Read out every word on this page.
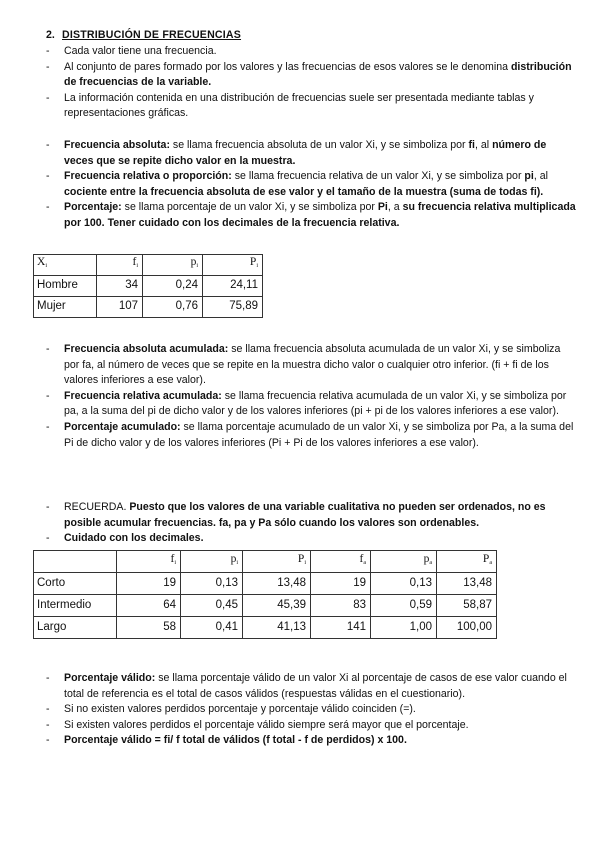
2. DISTRIBUCIÓN DE FRECUENCIAS
- Cada valor tiene una frecuencia.
- Al conjunto de pares formado por los valores y las frecuencias de esos valores se le denomina distribución de frecuencias de la variable.
- La información contenida en una distribución de frecuencias suele ser presentada mediante tablas y representaciones gráficas.
- Frecuencia absoluta: se llama frecuencia absoluta de un valor Xi, y se simboliza por fi, al número de veces que se repite dicho valor en la muestra.
- Frecuencia relativa o proporción: se llama frecuencia relativa de un valor Xi, y se simboliza por pi, al cociente entre la frecuencia absoluta de ese valor y el tamaño de la muestra (suma de todas fi).
- Porcentaje: se llama porcentaje de un valor Xi, y se simboliza por Pi, a su frecuencia relativa multiplicada por 100. Tener cuidado con los decimales de la frecuencia relativa.
$X_i$	$f_i$	$p_i$	$P_i$
Hombre	34	0,24	24,11
Mujer	107	0,76	75,89
- Frecuencia absoluta acumulada: se llama frecuencia absoluta acumulada de un valor Xi, y se simboliza por fa, al número de veces que se repite en la muestra dicho valor o cualquier otro inferior. (fi + fi de los valores inferiores a ese valor).
- Frecuencia relativa acumulada: se llama frecuencia relativa acumulada de un valor Xi, y se simboliza por pa, a la suma del pi de dicho valor y de los valores inferiores (pi + pi de los valores inferiores a ese valor).
- Porcentaje acumulado: se llama porcentaje acumulado de un valor Xi, y se simboliza por Pa, a la suma del Pi de dicho valor y de los valores inferiores (Pi + Pi de los valores inferiores a ese valor).
- RECUERDA. Puesto que los valores de una variable cualitativa no pueden ser ordenados, no es posible acumular frecuencias. fa, pa y Pa sólo cuando los valores son ordenables.
- Cuidado con los decimales.
	$f_i$	$p_i$	$P_i$	$f_a$	$p_a$	$P_a$
Corto	19	0,13	13,48	19	0,13	13,48
Intermedio	64	0,45	45,39	83	0,59	58,87
Largo	58	0,41	41,13	141	1,00	100,00
- Porcentaje válido: se llama porcentaje válido de un valor Xi al porcentaje de casos de ese valor cuando el total de referencia es el total de casos válidos (respuestas válidas en el cuestionario).
- Si no existen valores perdidos porcentaje y porcentaje válido coinciden (=).
- Si existen valores perdidos el porcentaje válido siempre será mayor que el porcentaje.
- Porcentaje válido = fi/ f total de válidos (f total - f de perdidos) x 100.
